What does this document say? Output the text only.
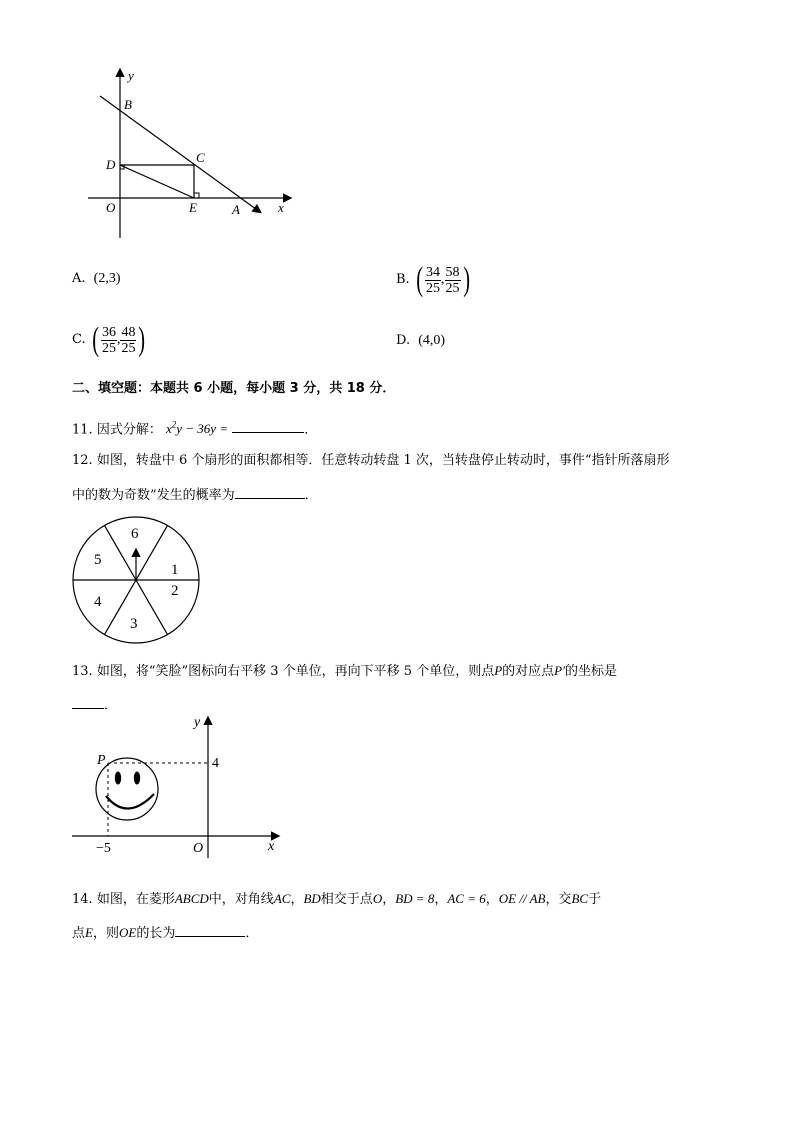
y
B
C
D
O	E	A	x
A. (2,3)	B. ( $\frac{34}{25}$ , $\frac{58}{25}$ )
C. ( $\frac{36}{25}$ , $\frac{48}{25}$ )	D. (4,0)
二、填空题：本题共 6 小题，每小题 3 分，共 18 分．
11. 因式分解： $x^2y - 36y$ =	．
12. 如图，转盘中 6 个扇形的面积都相等．任意转动转盘 1 次，当转盘停止转动时，事件“指针所落扇形
中的数为奇数”发生的概率为	．
6
1
2
3
4
5
13. 如图，将“笑脸”图标向右平移 3 个单位，再向下平移 5 个单位，则点P的对应点P′的坐标是
．
y
P	4
−5	O	x
14. 如图，在菱形ABCD中，对角线AC，BD相交于点O，BD = 8，AC = 6，OE // AB，交BC于
点E，则OE的长为	．
